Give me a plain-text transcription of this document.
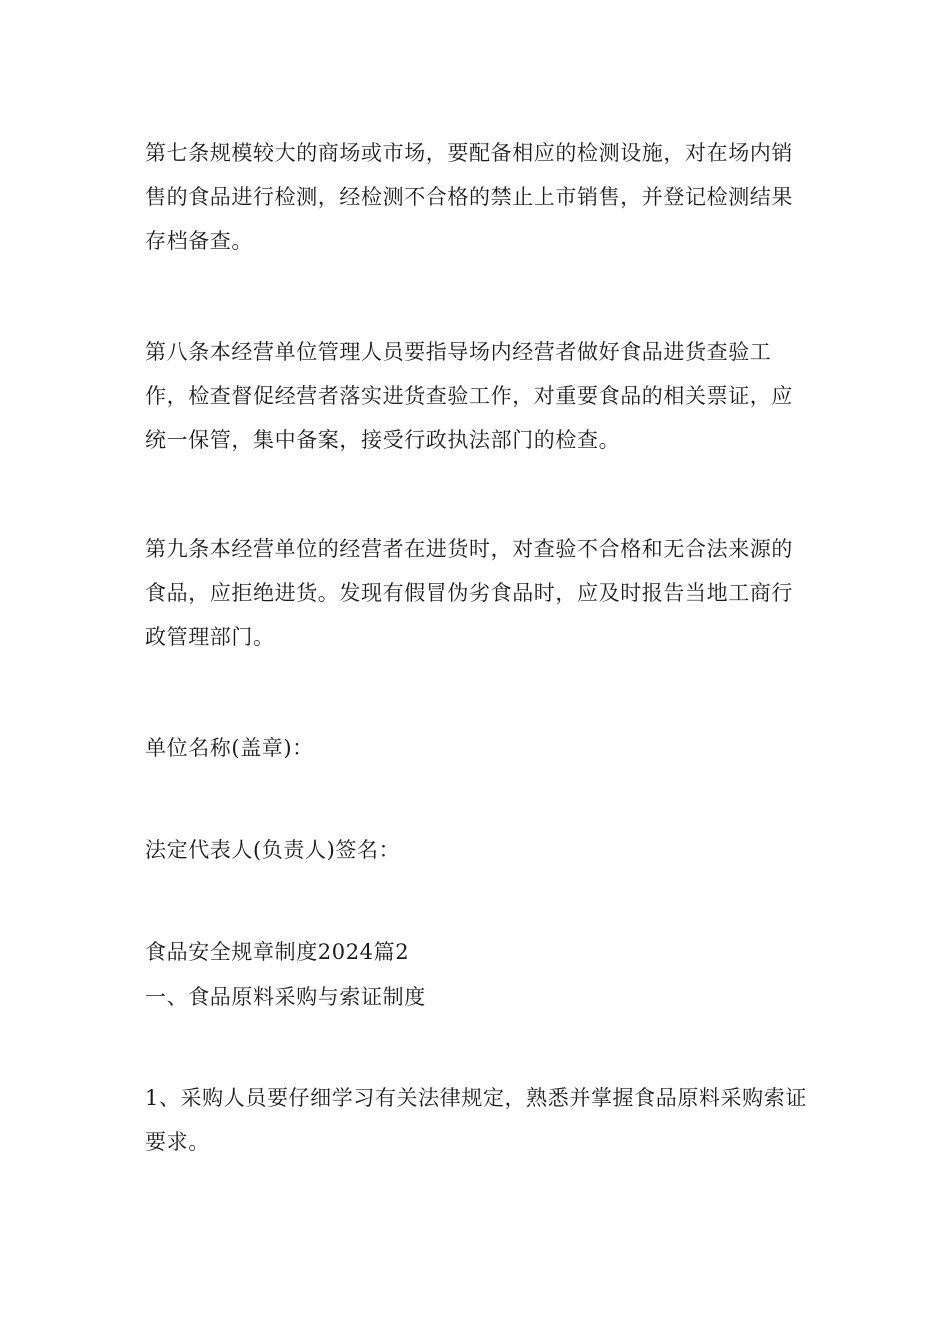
第七条规模较大的商场或市场，要配备相应的检测设施，对在场内销售的食品进行检测，经检测不合格的禁止上市销售，并登记检测结果存档备查。

第八条本经营单位管理人员要指导场内经营者做好食品进货查验工作，检查督促经营者落实进货查验工作，对重要食品的相关票证，应统一保管，集中备案，接受行政执法部门的检查。

第九条本经营单位的经营者在进货时，对查验不合格和无合法来源的食品，应拒绝进货。发现有假冒伪劣食品时，应及时报告当地工商行政管理部门。

单位名称(盖章)：

法定代表人(负责人)签名：

食品安全规章制度2024篇2

一、食品原料采购与索证制度

1、采购人员要仔细学习有关法律规定，熟悉并掌握食品原料采购索证要求。
